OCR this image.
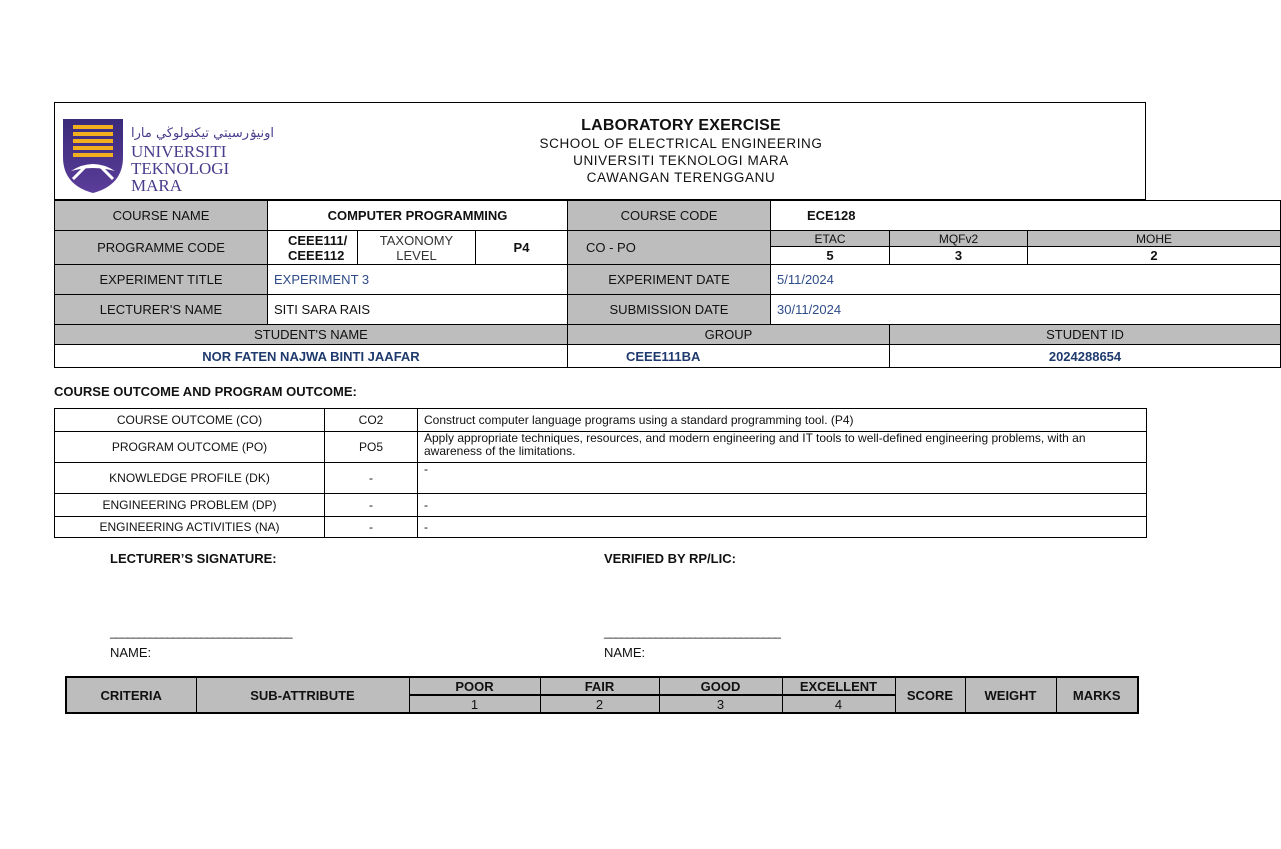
اونيۏرسيتي تيكنولوڬي مارا
UNIVERSITI
TEKNOLOGI
MARA
LABORATORY EXERCISE
SCHOOL OF ELECTRICAL ENGINEERING
UNIVERSITI TEKNOLOGI MARA
CAWANGAN TERENGGANU
COURSE NAME	COMPUTER PROGRAMMING			COURSE CODE	ECE128		
PROGRAMME CODE	CEEE111/ CEEE112	TAXONOMY LEVEL	P4	CO - PO	ETAC	MQFv2	MOHE
					5	3	2
EXPERIMENT TITLE	EXPERIMENT 3			EXPERIMENT DATE	5/11/2024		
LECTURER'S NAME	SITI SARA RAIS			SUBMISSION DATE	30/11/2024		
STUDENT'S NAME				GROUP		STUDENT ID	
NOR FATEN NAJWA BINTI JAAFAR				CEEE111BA		2024288654	
COURSE OUTCOME AND PROGRAM OUTCOME:
COURSE OUTCOME (CO)	CO2	Construct computer language programs using a standard programming tool. (P4)
PROGRAM OUTCOME (PO)	PO5	Apply appropriate techniques, resources, and modern engineering and IT tools to well-defined engineering problems, with an awareness of the limitations.
KNOWLEDGE PROFILE (DK)	-	-
ENGINEERING PROBLEM (DP)	-	-
ENGINEERING ACTIVITIES (NA)	-	-
LECTURER’S SIGNATURE:	VERIFIED BY RP/LIC:
________________________________	_______________________________
NAME:	NAME:
CRITERIA	SUB-ATTRIBUTE	POOR	FAIR	GOOD	EXCELLENT	SCORE	WEIGHT	MARKS
		1	2	3	4			
